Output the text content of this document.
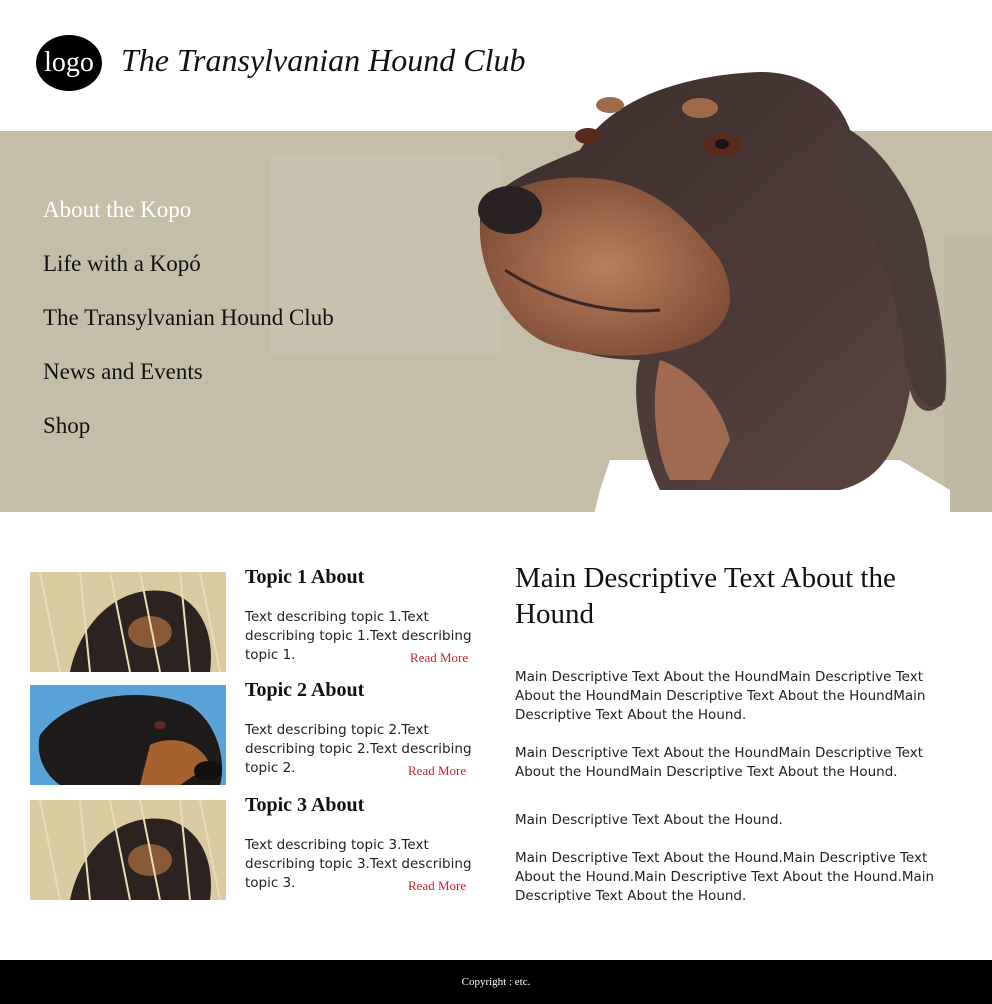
logo The Transylvanian Hound Club
About the Kopo
Life with a Kopó
The Transylvanian Hound Club
News and Events
Shop
Topic 1 About
Text describing topic 1.Text describing topic 1.Text describing topic 1.	Read More
Topic 2 About
Text describing topic 2.Text describing topic 2.Text describing topic 2.	Read More
Topic 3 About
Text describing topic 3.Text describing topic 3.Text describing topic 3.	Read More
Main Descriptive Text About the Hound

Main Descriptive Text About the HoundMain Descriptive Text About the HoundMain Descriptive Text About the HoundMain Descriptive Text About the Hound.

Main Descriptive Text About the HoundMain Descriptive Text About the HoundMain Descriptive Text About the Hound.

Main Descriptive Text About the Hound.

Main Descriptive Text About the Hound.Main Descriptive Text About the Hound.Main Descriptive Text About the Hound.Main Descriptive Text About the Hound.

Copyright : etc.
